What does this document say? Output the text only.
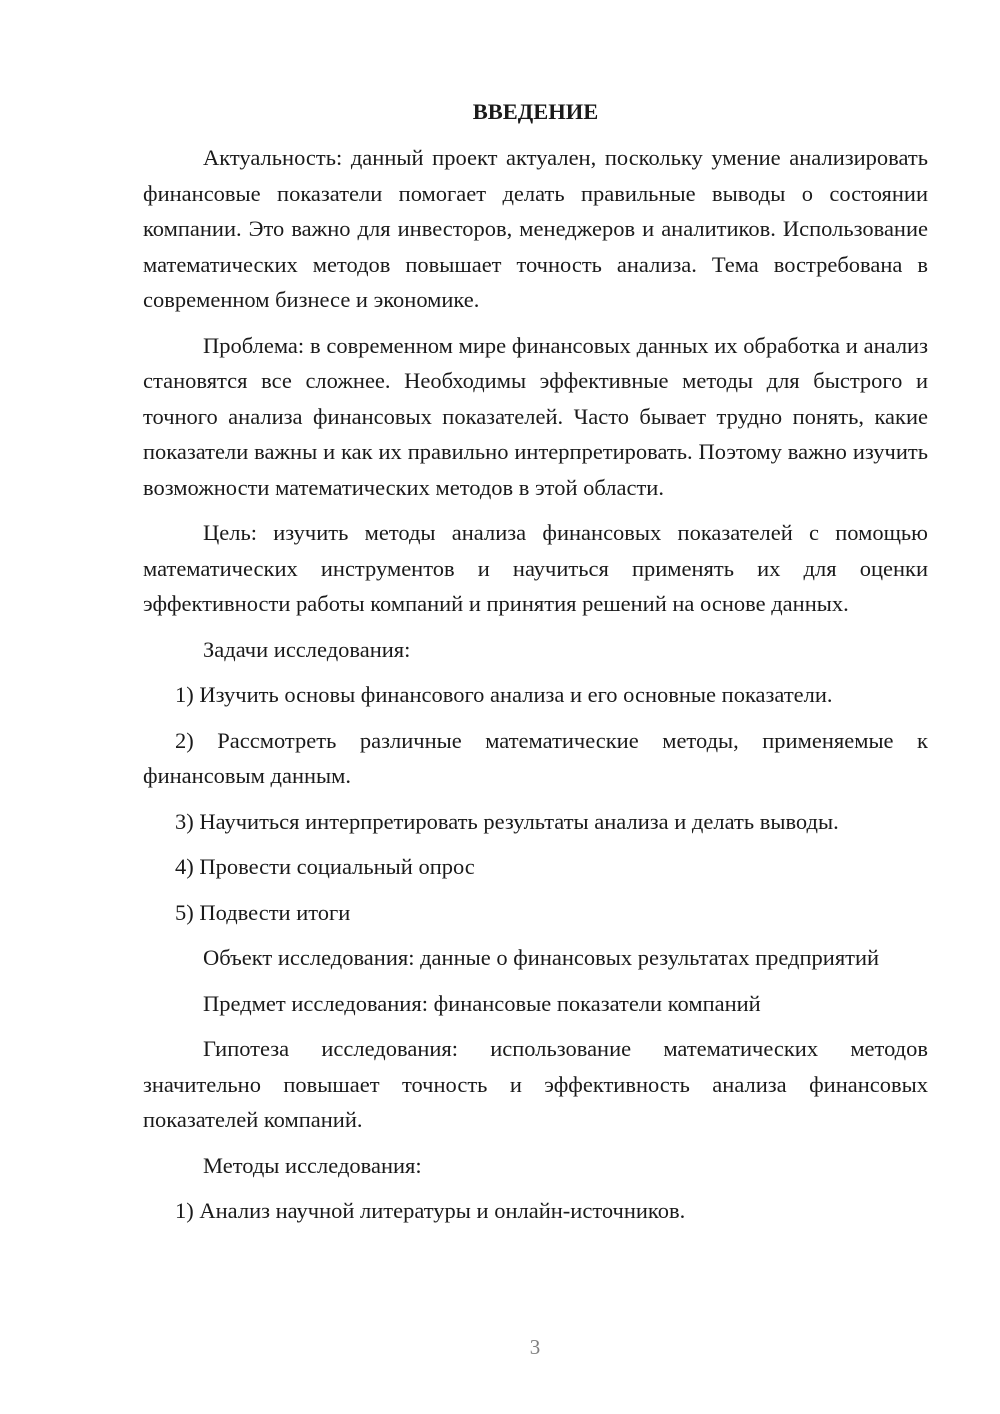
ВВЕДЕНИЕ

Актуальность: данный проект актуален, поскольку умение анализировать финансовые показатели помогает делать правильные выводы о состоянии компании. Это важно для инвесторов, менеджеров и аналитиков. Использование математических методов повышает точность анализа. Тема востребована в современном бизнесе и экономике.

Проблема: в современном мире финансовых данных их обработка и анализ становятся все сложнее. Необходимы эффективные методы для быстрого и точного анализа финансовых показателей. Часто бывает трудно понять, какие показатели важны и как их правильно интерпретировать. Поэтому важно изучить возможности математических методов в этой области.

Цель: изучить методы анализа финансовых показателей с помощью математических инструментов и научиться применять их для оценки эффективности работы компаний и принятия решений на основе данных.

Задачи исследования:

1) Изучить основы финансового анализа и его основные показатели.

2) Рассмотреть различные математические методы, применяемые к финансовым данным.

3) Научиться интерпретировать результаты анализа и делать выводы.

4) Провести социальный опрос

5) Подвести итоги

Объект исследования: данные о финансовых результатах предприятий

Предмет исследования: финансовые показатели компаний

Гипотеза исследования: использование математических методов значительно повышает точность и эффективность анализа финансовых показателей компаний.

Методы исследования:

1) Анализ научной литературы и онлайн-источников.

3
